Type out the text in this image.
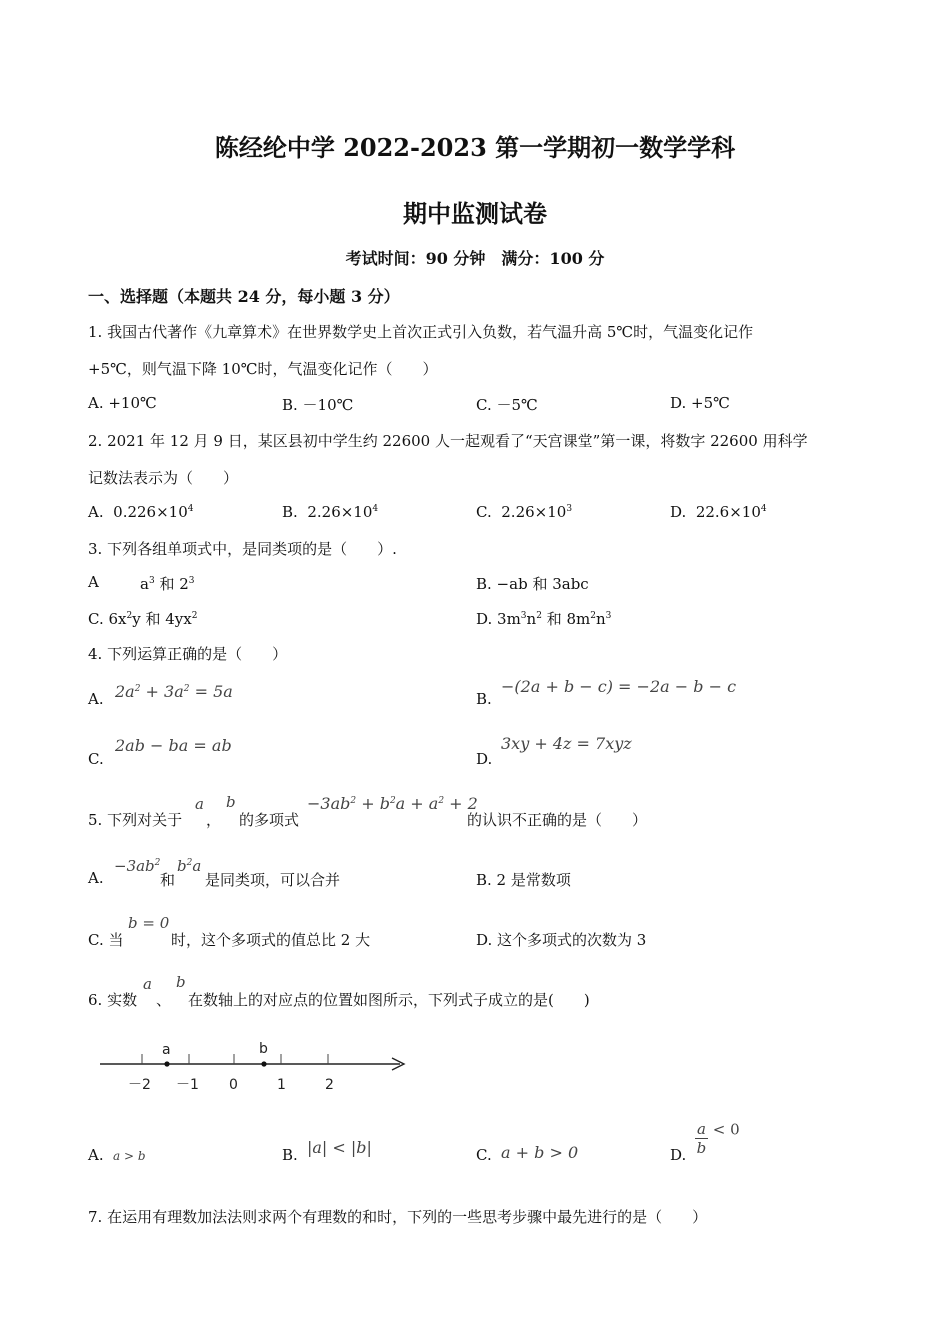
陈经纶中学 2022-2023 第一学期初一数学学科
期中监测试卷
考试时间：90 分钟　满分：100 分
一、选择题（本题共 24 分，每小题 3 分）
1. 我国古代著作《九章算术》在世界数学史上首次正式引入负数，若气温升高 5℃时，气温变化记作
+5℃，则气温下降 10℃时，气温变化记作（　　）
A. +10℃	B. －10℃	C. －5℃	D. +5℃
2. 2021 年 12 月 9 日，某区县初中学生约 22600 人一起观看了“天宫课堂”第一课，将数字 22600 用科学
记数法表示为（　　）
A. $0.226\times 10^4$	B. $2.26\times 10^4$	C. $2.26\times 10^3$	D. $22.6\times 10^4$
3. 下列各组单项式中，是同类项的是（　　）.
A	$a^3$ 和 $2^3$	B. −ab 和 3abc
C. $6x^2y$ 和 $4yx^2$	D. $3m^3n^2$ 和 $8m^2n^3$
4. 下列运算正确的是（　　）
A. $2a^2 + 3a^2 = 5a$	B.
−(2a + b − c) = −2a − b − c
C.
2ab − ba = ab
D.
3xy + 4z = 7xyz
5. 下列对关于
a
，
b
的多项式
$-3ab^2 + b^2a + a^2 + 2$
的认识不正确的是（　　）
A.
$-3ab^2$
和
$b^2a$
是同类项，可以合并	B. 2 是常数项
C. 当
b = 0
时，这个多项式的值总比 2 大	D. 这个多项式的次数为 3
6. 实数
a
、
b
在数轴上的对应点的位置如图所示，下列式子成立的是(　　)
a	b
－2 －1 0	1	2
A. a > b	B. |a| < |b|	C. a + b > 0	D. $\frac{a}{b} < 0$
7. 在运用有理数加法法则求两个有理数的和时，下列的一些思考步骤中最先进行的是（　　）
